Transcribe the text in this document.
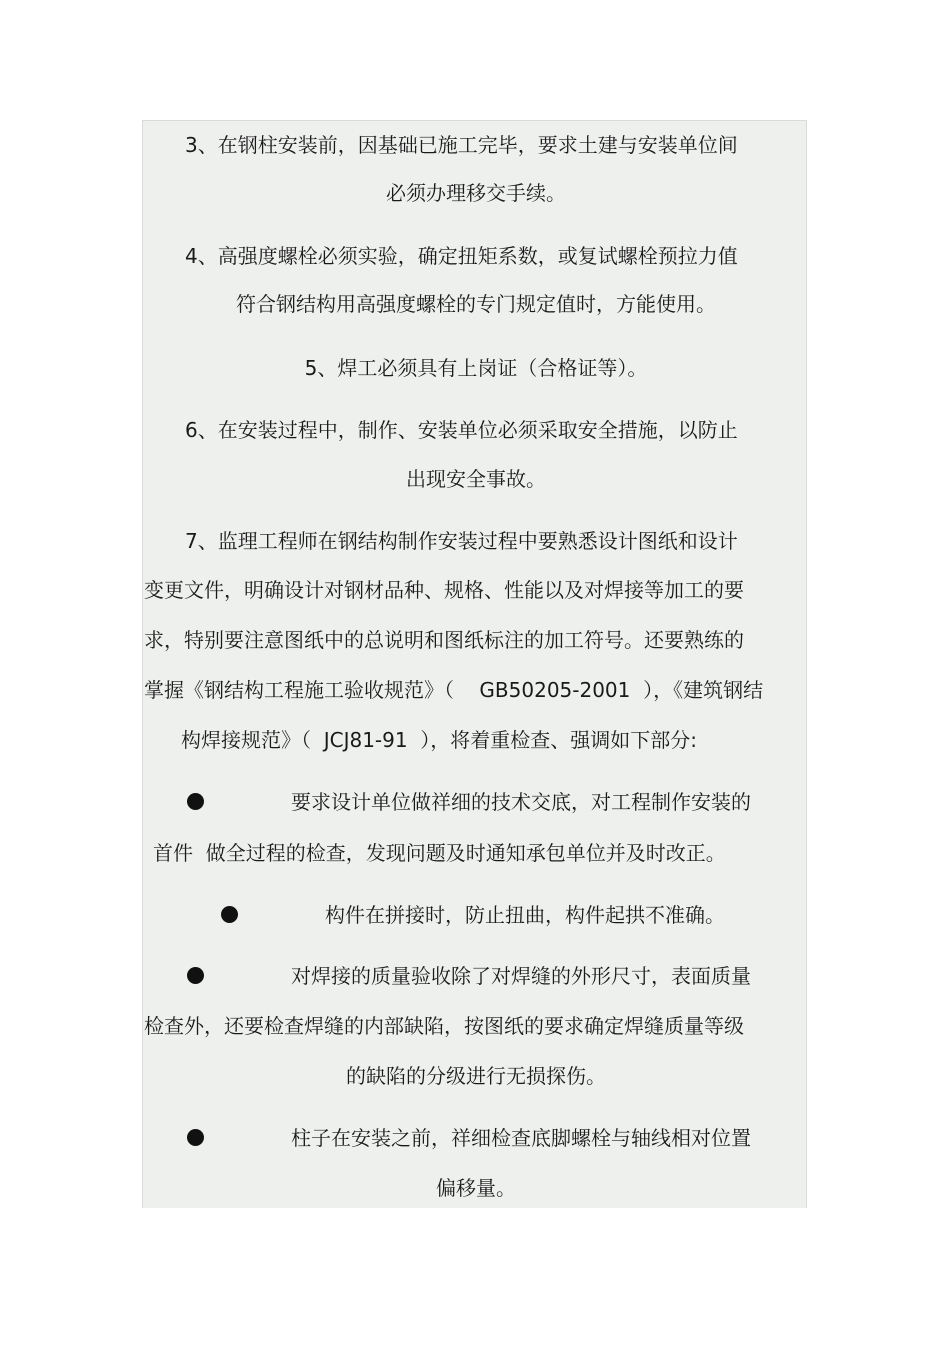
3、在钢柱安装前，因基础已施工完毕，要求土建与安装单位间
必须办理移交手续。
4、高强度螺栓必须实验，确定扭矩系数，或复试螺栓预拉力值
符合钢结构用高强度螺栓的专门规定值时，方能使用。
5、焊工必须具有上岗证（合格证等）。
6、在安装过程中，制作、安装单位必须采取安全措施，以防止
出现安全事故。
7、监理工程师在钢结构制作安装过程中要熟悉设计图纸和设计
变更文件，明确设计对钢材品种、规格、性能以及对焊接等加工的要
求，特别要注意图纸中的总说明和图纸标注的加工符号。还要熟练的
掌握《钢结构工程施工验收规范》（    GB50205-2001  ），《建筑钢结
构焊接规范》（  JCJ81-91  ），将着重检查、强调如下部分:
要求设计单位做祥细的技术交底，对工程制作安装的
首件  做全过程的检查，发现问题及时通知承包单位并及时改正。
构件在拼接时，防止扭曲，构件起拱不准确。
对焊接的质量验收除了对焊缝的外形尺寸，表面质量
检查外，还要检查焊缝的内部缺陷，按图纸的要求确定焊缝质量等级
的缺陷的分级进行无损探伤。
柱子在安装之前，祥细检查底脚螺栓与轴线相对位置
偏移量。
